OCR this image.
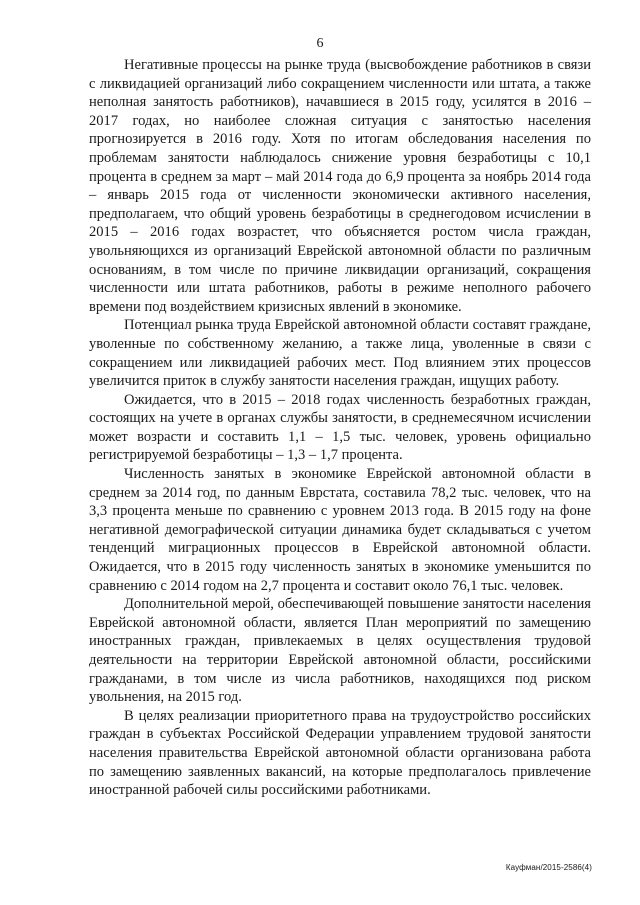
6

Негативные процессы на рынке труда (высвобождение работников в связи с ликвидацией организаций либо сокращением численности или штата, а также неполная занятость работников), начавшиеся в 2015 году, усилятся в 2016 – 2017 годах, но наиболее сложная ситуация с занятостью населения прогнозируется в 2016 году. Хотя по итогам обследования населения по проблемам занятости наблюдалось снижение уровня безработицы с 10,1 процента в среднем за март – май 2014 года до 6,9 процента за ноябрь 2014 года – январь 2015 года от численности экономически активного населения, предполагаем, что общий уровень безработицы в среднегодовом исчислении в 2015 – 2016 годах возрастет, что объясняется ростом числа граждан, увольняющихся из организаций Еврейской автономной области по различным основаниям, в том числе по причине ликвидации организаций, сокращения численности или штата работников, работы в режиме неполного рабочего времени под воздействием кризисных явлений в экономике.

Потенциал рынка труда Еврейской автономной области составят граждане, уволенные по собственному желанию, а также лица, уволенные в связи с сокращением или ликвидацией рабочих мест. Под влиянием этих процессов увеличится приток в службу занятости населения граждан, ищущих работу.

Ожидается, что в 2015 – 2018 годах численность безработных граждан, состоящих на учете в органах службы занятости, в среднемесячном исчислении может возрасти и составить 1,1 – 1,5 тыс. человек, уровень официально регистрируемой безработицы – 1,3 – 1,7 процента.

Численность занятых в экономике Еврейской автономной области в среднем за 2014 год, по данным Еврстата, составила 78,2 тыс. человек, что на 3,3 процента меньше по сравнению с уровнем 2013 года. В 2015 году на фоне негативной демографической ситуации динамика будет складываться с учетом тенденций миграционных процессов в Еврейской автономной области. Ожидается, что в 2015 году численность занятых в экономике уменьшится по сравнению с 2014 годом на 2,7 процента и составит около 76,1 тыс. человек.

Дополнительной мерой, обеспечивающей повышение занятости населения Еврейской автономной области, является План мероприятий по замещению иностранных граждан, привлекаемых в целях осуществления трудовой деятельности на территории Еврейской автономной области, российскими гражданами, в том числе из числа работников, находящихся под риском увольнения, на 2015 год.

В целях реализации приоритетного права на трудоустройство российских граждан в субъектах Российской Федерации управлением трудовой занятости населения правительства Еврейской автономной области организована работа по замещению заявленных вакансий, на которые предполагалось привлечение иностранной рабочей силы российскими работниками.

Кауфман/2015-2586(4)
